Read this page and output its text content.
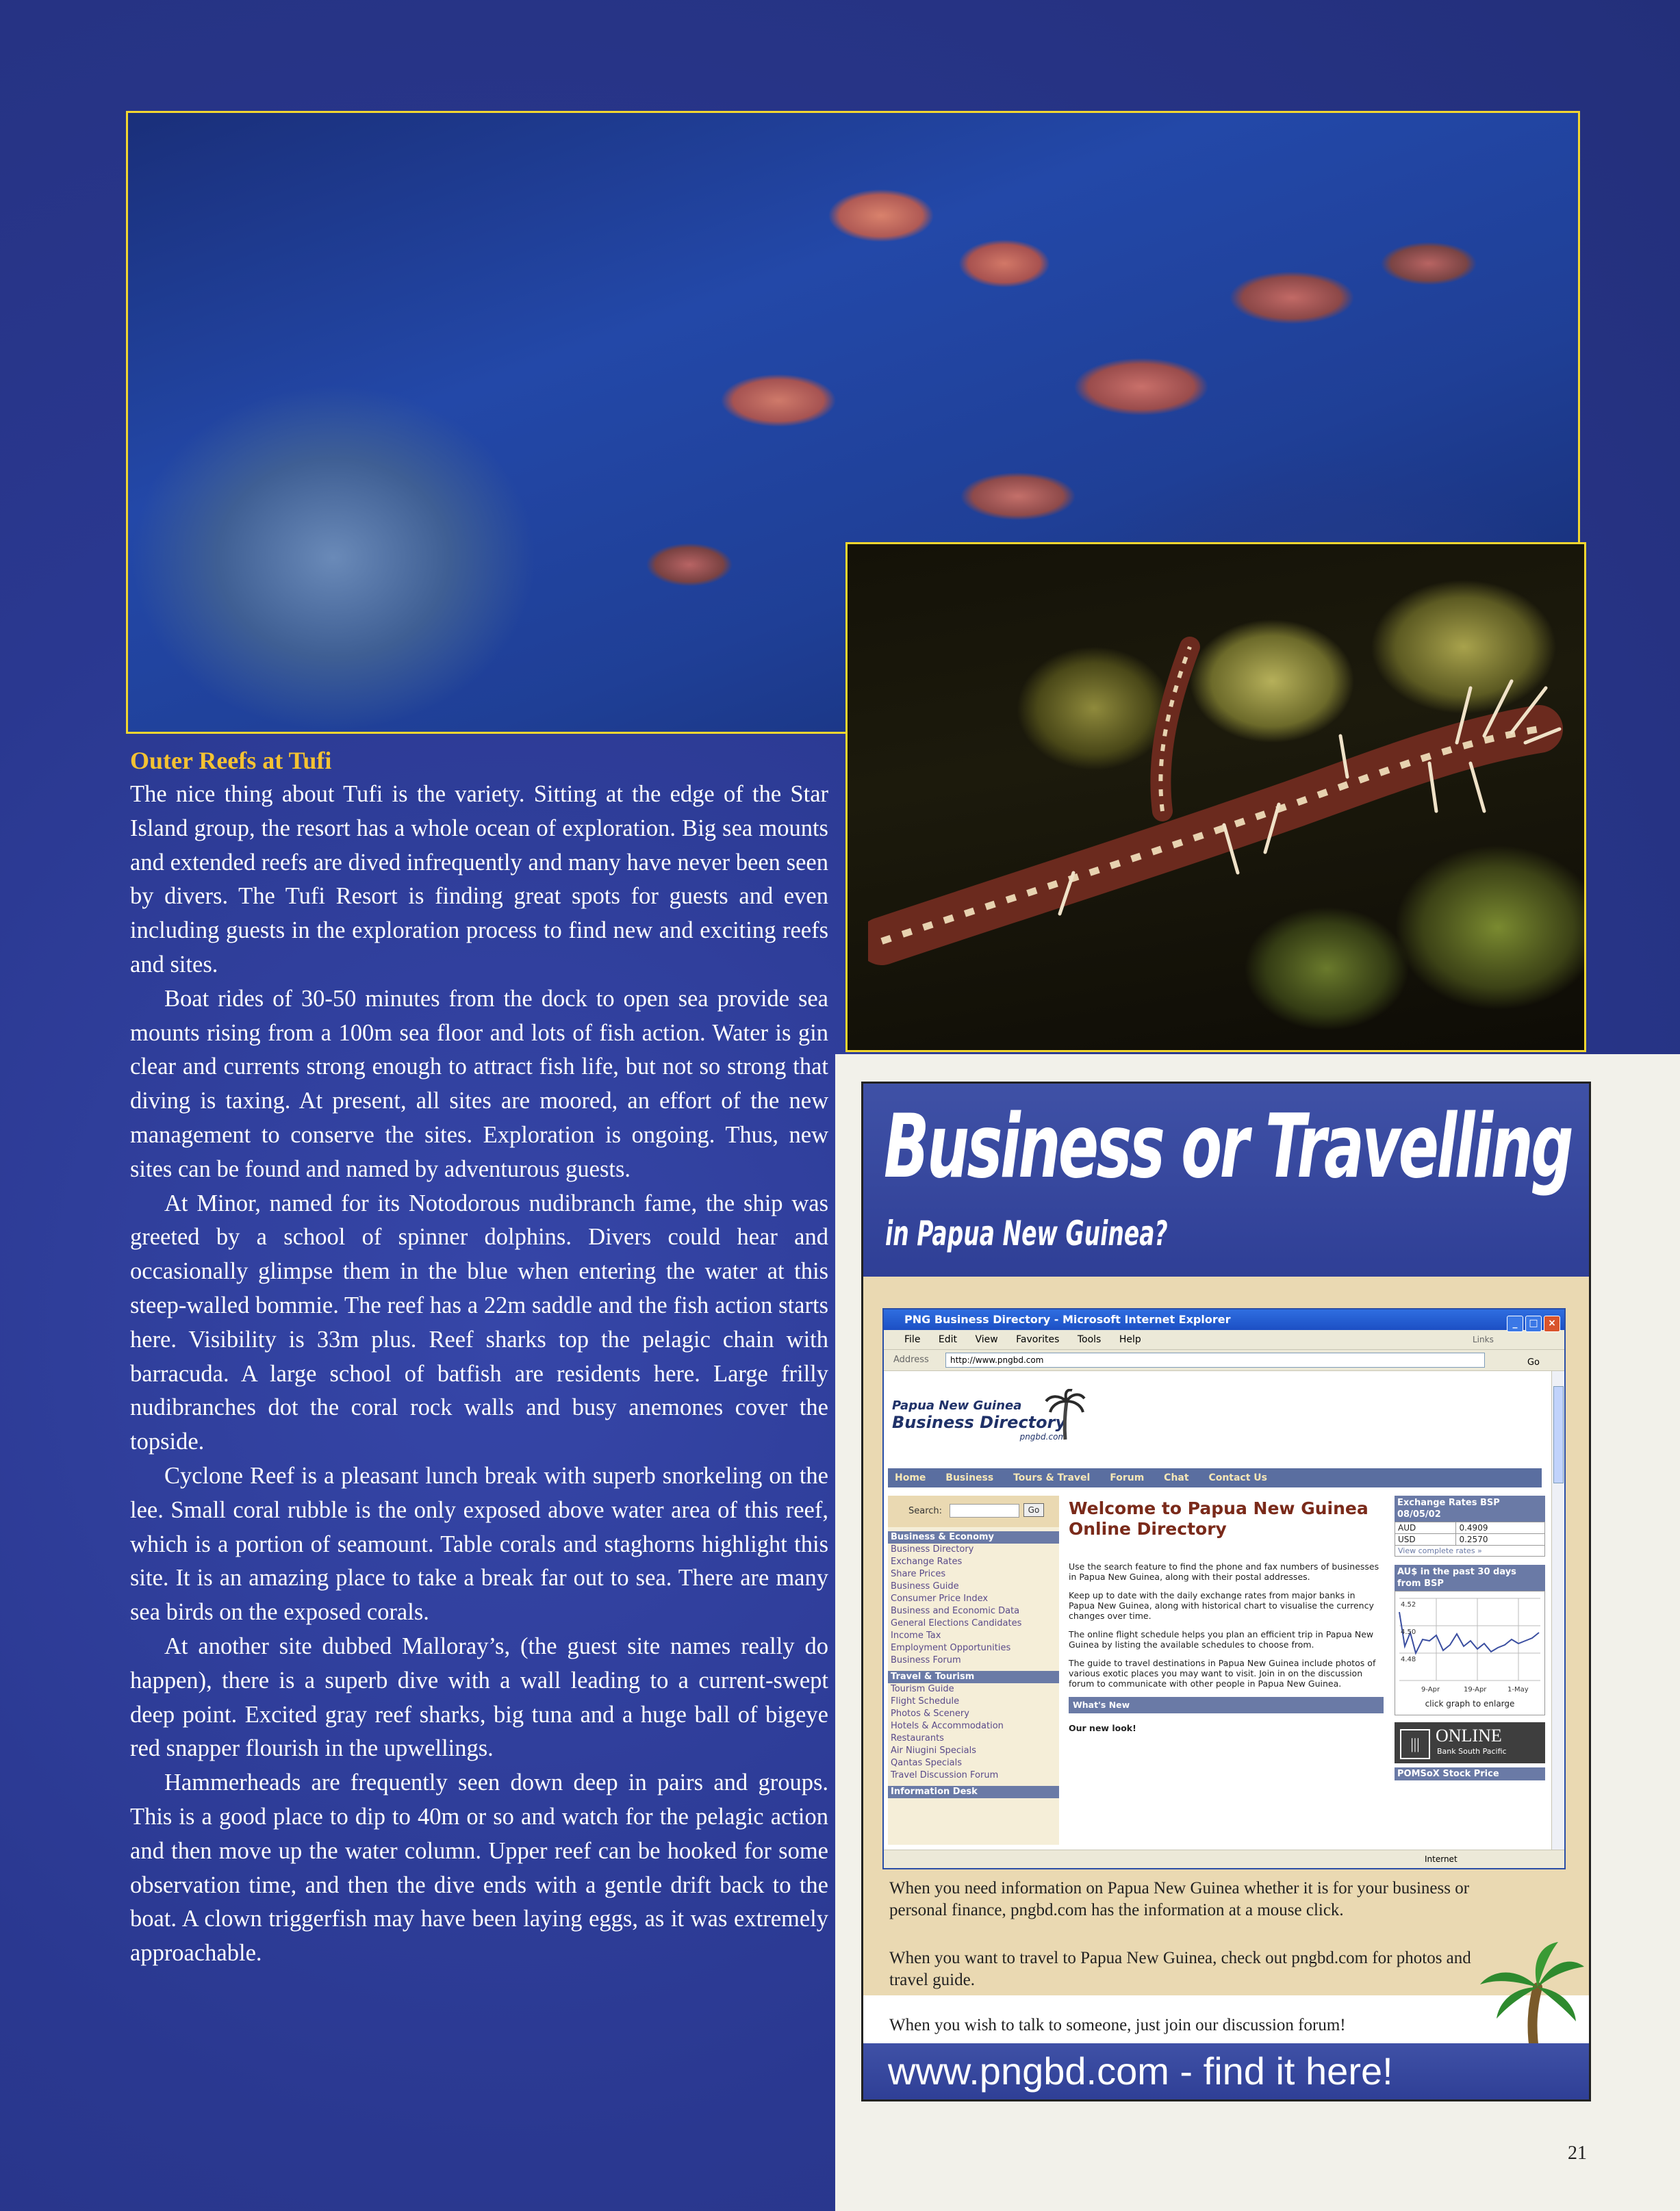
Outer Reefs at Tufi

The nice thing about Tufi is the variety. Sitting at the edge of the Star Island group, the resort has a whole ocean of exploration. Big sea mounts and extended reefs are dived infrequently and many have never been seen by divers. The Tufi Resort is finding great spots for guests and even including guests in the exploration process to find new and exciting reefs and sites.

Boat rides of 30-50 minutes from the dock to open sea provide sea mounts rising from a 100m sea floor and lots of fish action. Water is gin clear and currents strong enough to attract fish life, but not so strong that diving is taxing. At present, all sites are moored, an effort of the new management to conserve the sites. Exploration is ongoing. Thus, new sites can be found and named by adventurous guests.

At Minor, named for its Notodorous nudibranch fame, the ship was greeted by a school of spinner dolphins. Divers could hear and occasionally glimpse them in the blue when entering the water at this steep-walled bommie. The reef has a 22m saddle and the fish action starts here. Visibility is 33m plus. Reef sharks top the pelagic chain with barracuda. A large school of batfish are residents here. Large frilly nudibranches dot the coral rock walls and busy anemones cover the topside.

Cyclone Reef is a pleasant lunch break with superb snorkeling on the lee. Small coral rubble is the only exposed above water area of this reef, which is a portion of seamount. Table corals and staghorns highlight this site. It is an amazing place to take a break far out to sea. There are many sea birds on the exposed corals.

At another site dubbed Malloray’s, (the guest site names really do happen), there is a superb dive with a wall leading to a current-swept deep point. Excited gray reef sharks, big tuna and a huge ball of bigeye red snapper flourish in the upwellings.

Hammerheads are frequently seen down deep in pairs and groups. This is a good place to dip to 40m or so and watch for the pelagic action and then move up the water column. Upper reef can be hooked for some observation time, and then the dive ends with a gentle drift back to the boat. A clown triggerfish may have been laying eggs, as it was extremely approachable.

Business or Travelling
in Papua New Guinea?
PNG Business Directory - Microsoft Internet Explorer	_ □ ×
File Edit View Favorites Tools Help	Links
Address	http://www.pngbd.com	Go
Papua New Guinea
Business Directory
pngbd.com
Home Business Tours & Travel Forum Chat Contact Us
Search:	Go
Business & Economy
Business Directory
Exchange Rates
Share Prices
Business Guide
Consumer Price Index
Business and Economic Data
General Elections Candidates
Income Tax
Employment Opportunities
Business Forum
Travel & Tourism
Tourism Guide
Flight Schedule
Photos & Scenery
Hotels & Accommodation
Restaurants
Air Niugini Specials
Qantas Specials
Travel Discussion Forum
Information Desk
Welcome to Papua New Guinea Online Directory

Use the search feature to find the phone and fax numbers of businesses in Papua New Guinea, along with their postal addresses.

Keep up to date with the daily exchange rates from major banks in Papua New Guinea, along with historical chart to visualise the currency changes over time.

The online flight schedule helps you plan an efficient trip in Papua New Guinea by listing the available schedules to choose from.

The guide to travel destinations in Papua New Guinea include photos of various exotic places you may want to visit. Join in on the discussion forum to communicate with other people in Papua New Guinea.

What's New
Our new look!
Exchange Rates BSP 08/05/02
AUD	0.4909
USD	0.2570
View complete rates »	
AU$ in the past 30 days from BSP
4.52
4.50
4.48
9-Apr	19-Apr	1-May
click graph to enlarge
||| ONLINE
Bank South Pacific
POMSoX Stock Price
Internet
When you need information on Papua New Guinea whether it is for your business or personal finance, pngbd.com has the information at a mouse click.
When you want to travel to Papua New Guinea, check out pngbd.com for photos and travel guide.
When you wish to talk to someone, just join our discussion forum!
www.pngbd.com - find it here!
21
